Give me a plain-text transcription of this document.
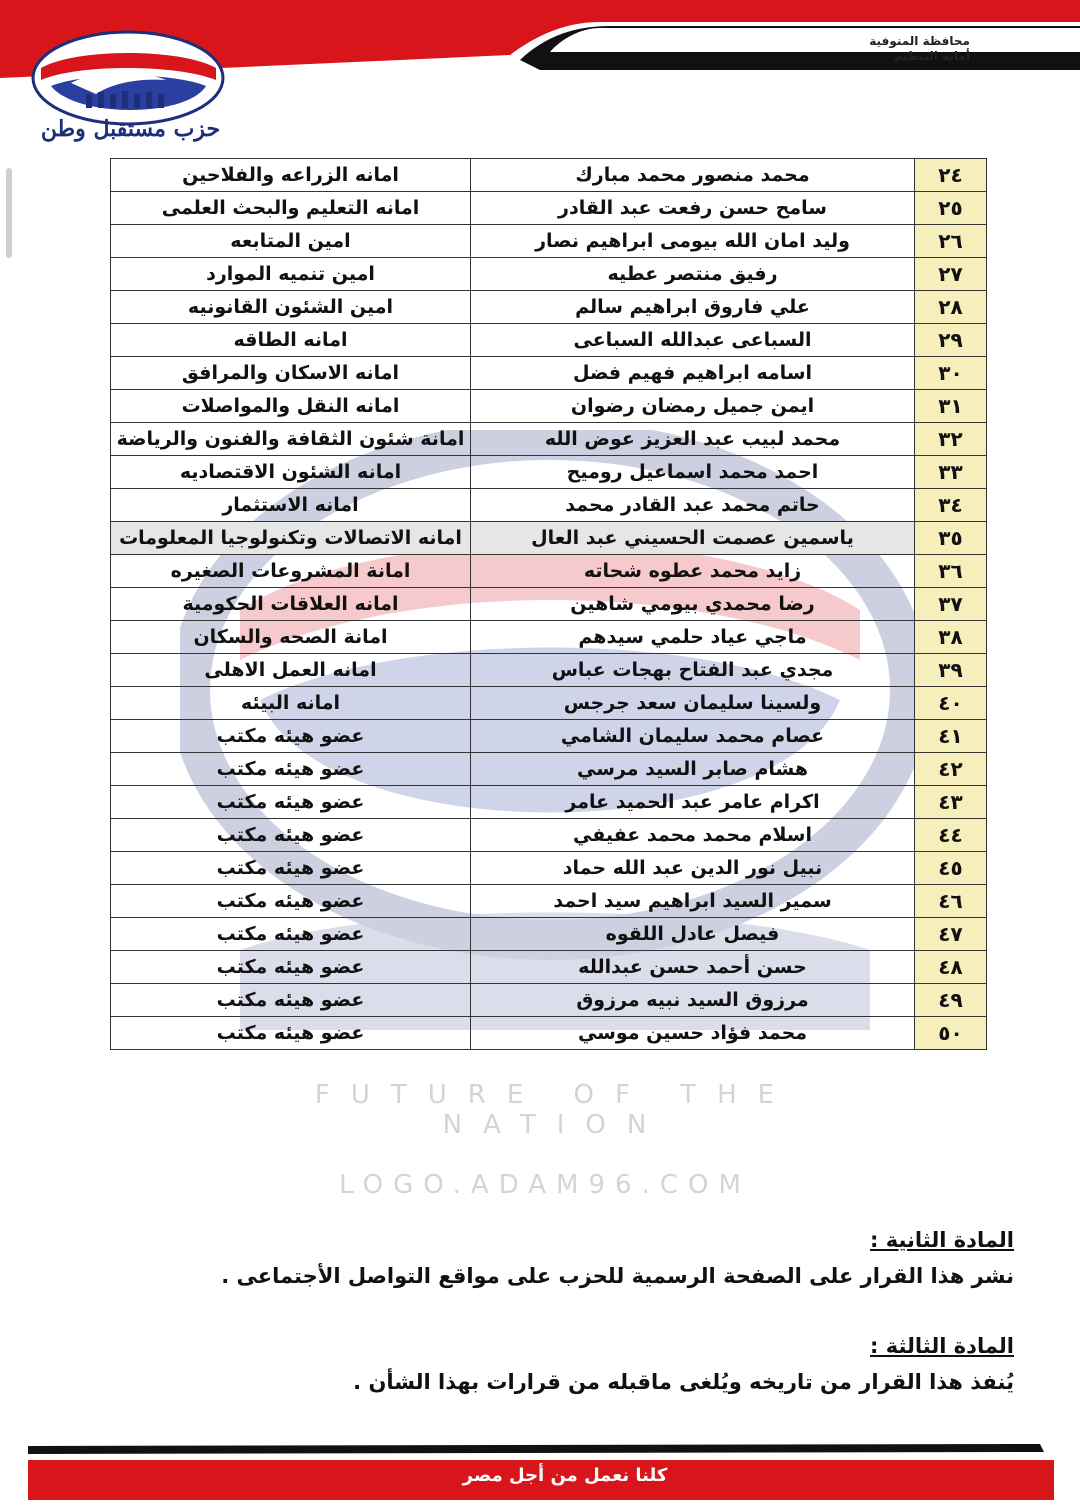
محافظة المنوفية
أمانة التنظيم
حزب مستقبل وطن
FUTURE OF THE NATION
LOGO.ADAM96.COM
٢٤	محمد منصور محمد مبارك	امانه الزراعه والفلاحين
٢٥	سامح حسن رفعت عبد القادر	امانه التعليم والبحث العلمى
٢٦	وليد امان الله بيومى ابراهيم نصار	امين المتابعه
٢٧	رفيق منتصر عطيه	امين تنميه الموارد
٢٨	علي فاروق ابراهيم سالم	امين الشئون القانونيه
٢٩	السباعى عبدالله السباعى	امانه الطاقه
٣٠	اسامه ابراهيم فهيم فضل	امانه الاسكان والمرافق
٣١	ايمن جميل رمضان رضوان	امانه النقل والمواصلات
٣٢	محمد لبيب عبد العزيز عوض الله	امانة شئون الثقافة والفنون والرياضة
٣٣	احمد محمد اسماعيل روميح	امانه الشئون الاقتصاديه
٣٤	حاتم محمد عبد القادر محمد	امانه الاستثمار
٣٥	ياسمين عصمت الحسيني عبد العال	امانه الاتصالات وتكنولوجيا المعلومات
٣٦	زايد محمد عطوه شحاته	امانة المشروعات الصغيره
٣٧	رضا محمدي بيومي شاهين	امانه العلاقات الحكومية
٣٨	ماجي عياد حلمي سيدهم	امانة الصحه والسكان
٣٩	مجدي عبد الفتاح بهجات عباس	امانه العمل الاهلى
٤٠	ولسينا سليمان سعد جرجس	امانه البيئه
٤١	عصام محمد سليمان الشامي	عضو هيئه مكتب
٤٢	هشام صابر السيد مرسي	عضو هيئه مكتب
٤٣	اكرام عامر عبد الحميد عامر	عضو هيئه مكتب
٤٤	اسلام محمد محمد عفيفي	عضو هيئه مكتب
٤٥	نبيل نور الدين عبد الله حماد	عضو هيئه مكتب
٤٦	سمير السيد ابراهيم سيد احمد	عضو هيئه مكتب
٤٧	فيصل عادل اللقوه	عضو هيئه مكتب
٤٨	حسن أحمد حسن عبدالله	عضو هيئه مكتب
٤٩	مرزوق السيد نبيه مرزوق	عضو هيئه مكتب
٥٠	محمد فؤاد حسين موسي	عضو هيئه مكتب
المادة الثانية :
نشر هذا القرار على الصفحة الرسمية للحزب على مواقع التواصل الأجتماعى .
المادة الثالثة :
يُنفذ هذا القرار من تاريخه ويُلغى ماقبله من قرارات بهذا الشأن .
كلنا نعمل من أجل مصر
